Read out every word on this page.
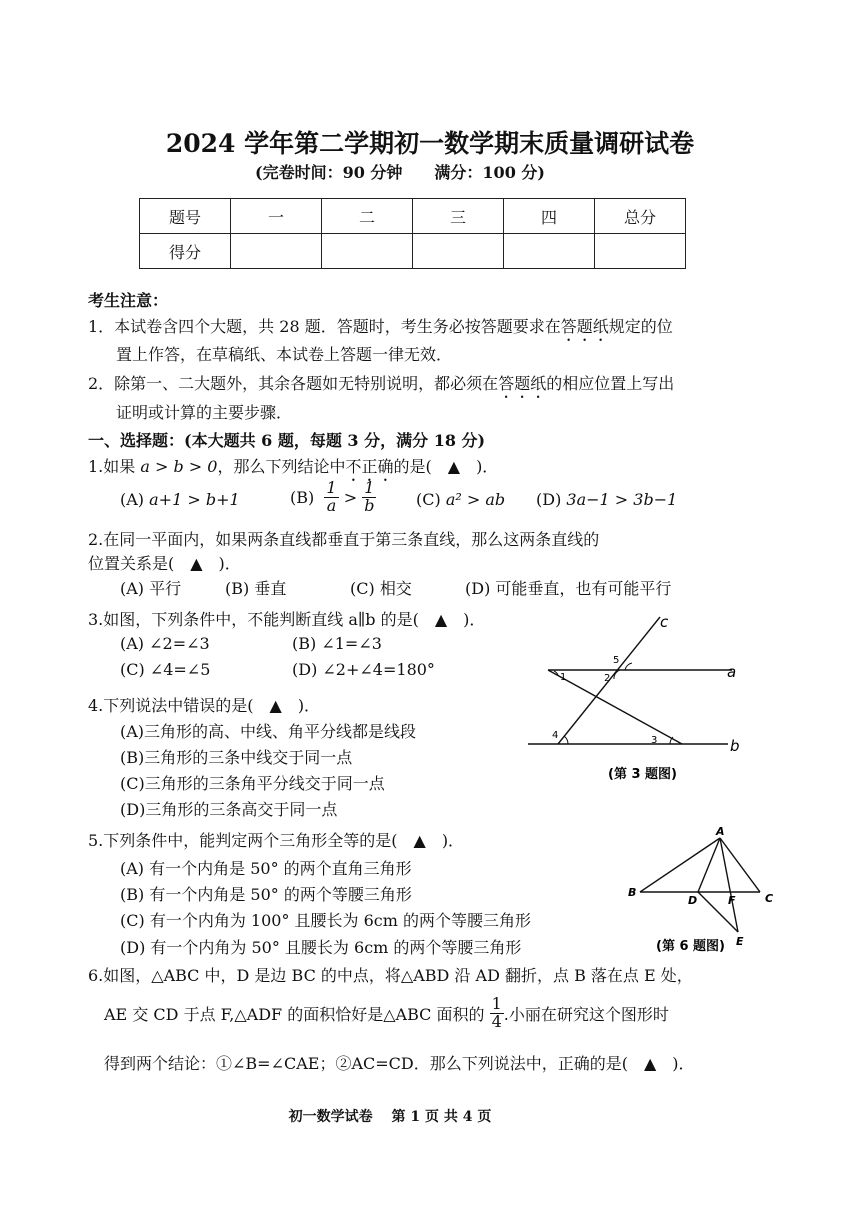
2024 学年第二学期初一数学期末质量调研试卷
(完卷时间：90 分钟　　满分：100 分)
题号	一	二	三	四	总分
得分					
考生注意：
1．本试卷含四个大题，共 28 题．答题时，考生务必按答题要求在答题纸规定的位
置上作答，在草稿纸、本试卷上答题一律无效．
2．除第一、二大题外，其余各题如无特别说明，都必须在答题纸的相应位置上写出
证明或计算的主要步骤．
一、选择题：(本大题共 6 题，每题 3 分，满分 18 分)
1.如果 a > b > 0，那么下列结论中不正确的是(　▲　)．
(A) a+1 > b+1	$(B) \frac{1}{a} > \frac{1}{b} (C) a^2$ > ab (D) 3a−1 > 3b−1
2.在同一平面内，如果两条直线都垂直于第三条直线，那么这两条直线的
位置关系是(　▲　)．
(A) 平行	(B) 垂直	(C) 相交	(D) 可能垂直，也有可能平行
3.如图，下列条件中，不能判断直线 a∥b 的是(　▲　)．
(A) ∠2=∠3	(B) ∠1=∠3
(C) ∠4=∠5	(D) ∠2+∠4=180°
c
a
b
1	2
3
4
5
(第 3 题图)
4.下列说法中错误的是(　▲　)．
(A)三角形的高、中线、角平分线都是线段
(B)三角形的三条中线交于同一点
(C)三角形的三条角平分线交于同一点
(D)三角形的三条高交于同一点
5.下列条件中，能判定两个三角形全等的是(　▲　)．
(A) 有一个内角是 50° 的两个直角三角形
(B) 有一个内角是 50° 的两个等腰三角形
(C) 有一个内角为 100° 且腰长为 6cm 的两个等腰三角形
(D) 有一个内角为 50° 且腰长为 6cm 的两个等腰三角形
A
B	C
D	F
E
(第 6 题图)
6.如图，△ABC 中，D 是边 BC 的中点，将△ABD 沿 AD 翻折，点 B 落在点 E 处，
AE 交 CD 于点 F,△ADF 的面积恰好是△ABC 面积的 $\frac{1}{4}$ .小丽在研究这个图形时
得到两个结论：①∠B=∠CAE；②AC=CD．那么下列说法中，正确的是(　▲　)．
初一数学试卷　 第 1 页 共 4 页
